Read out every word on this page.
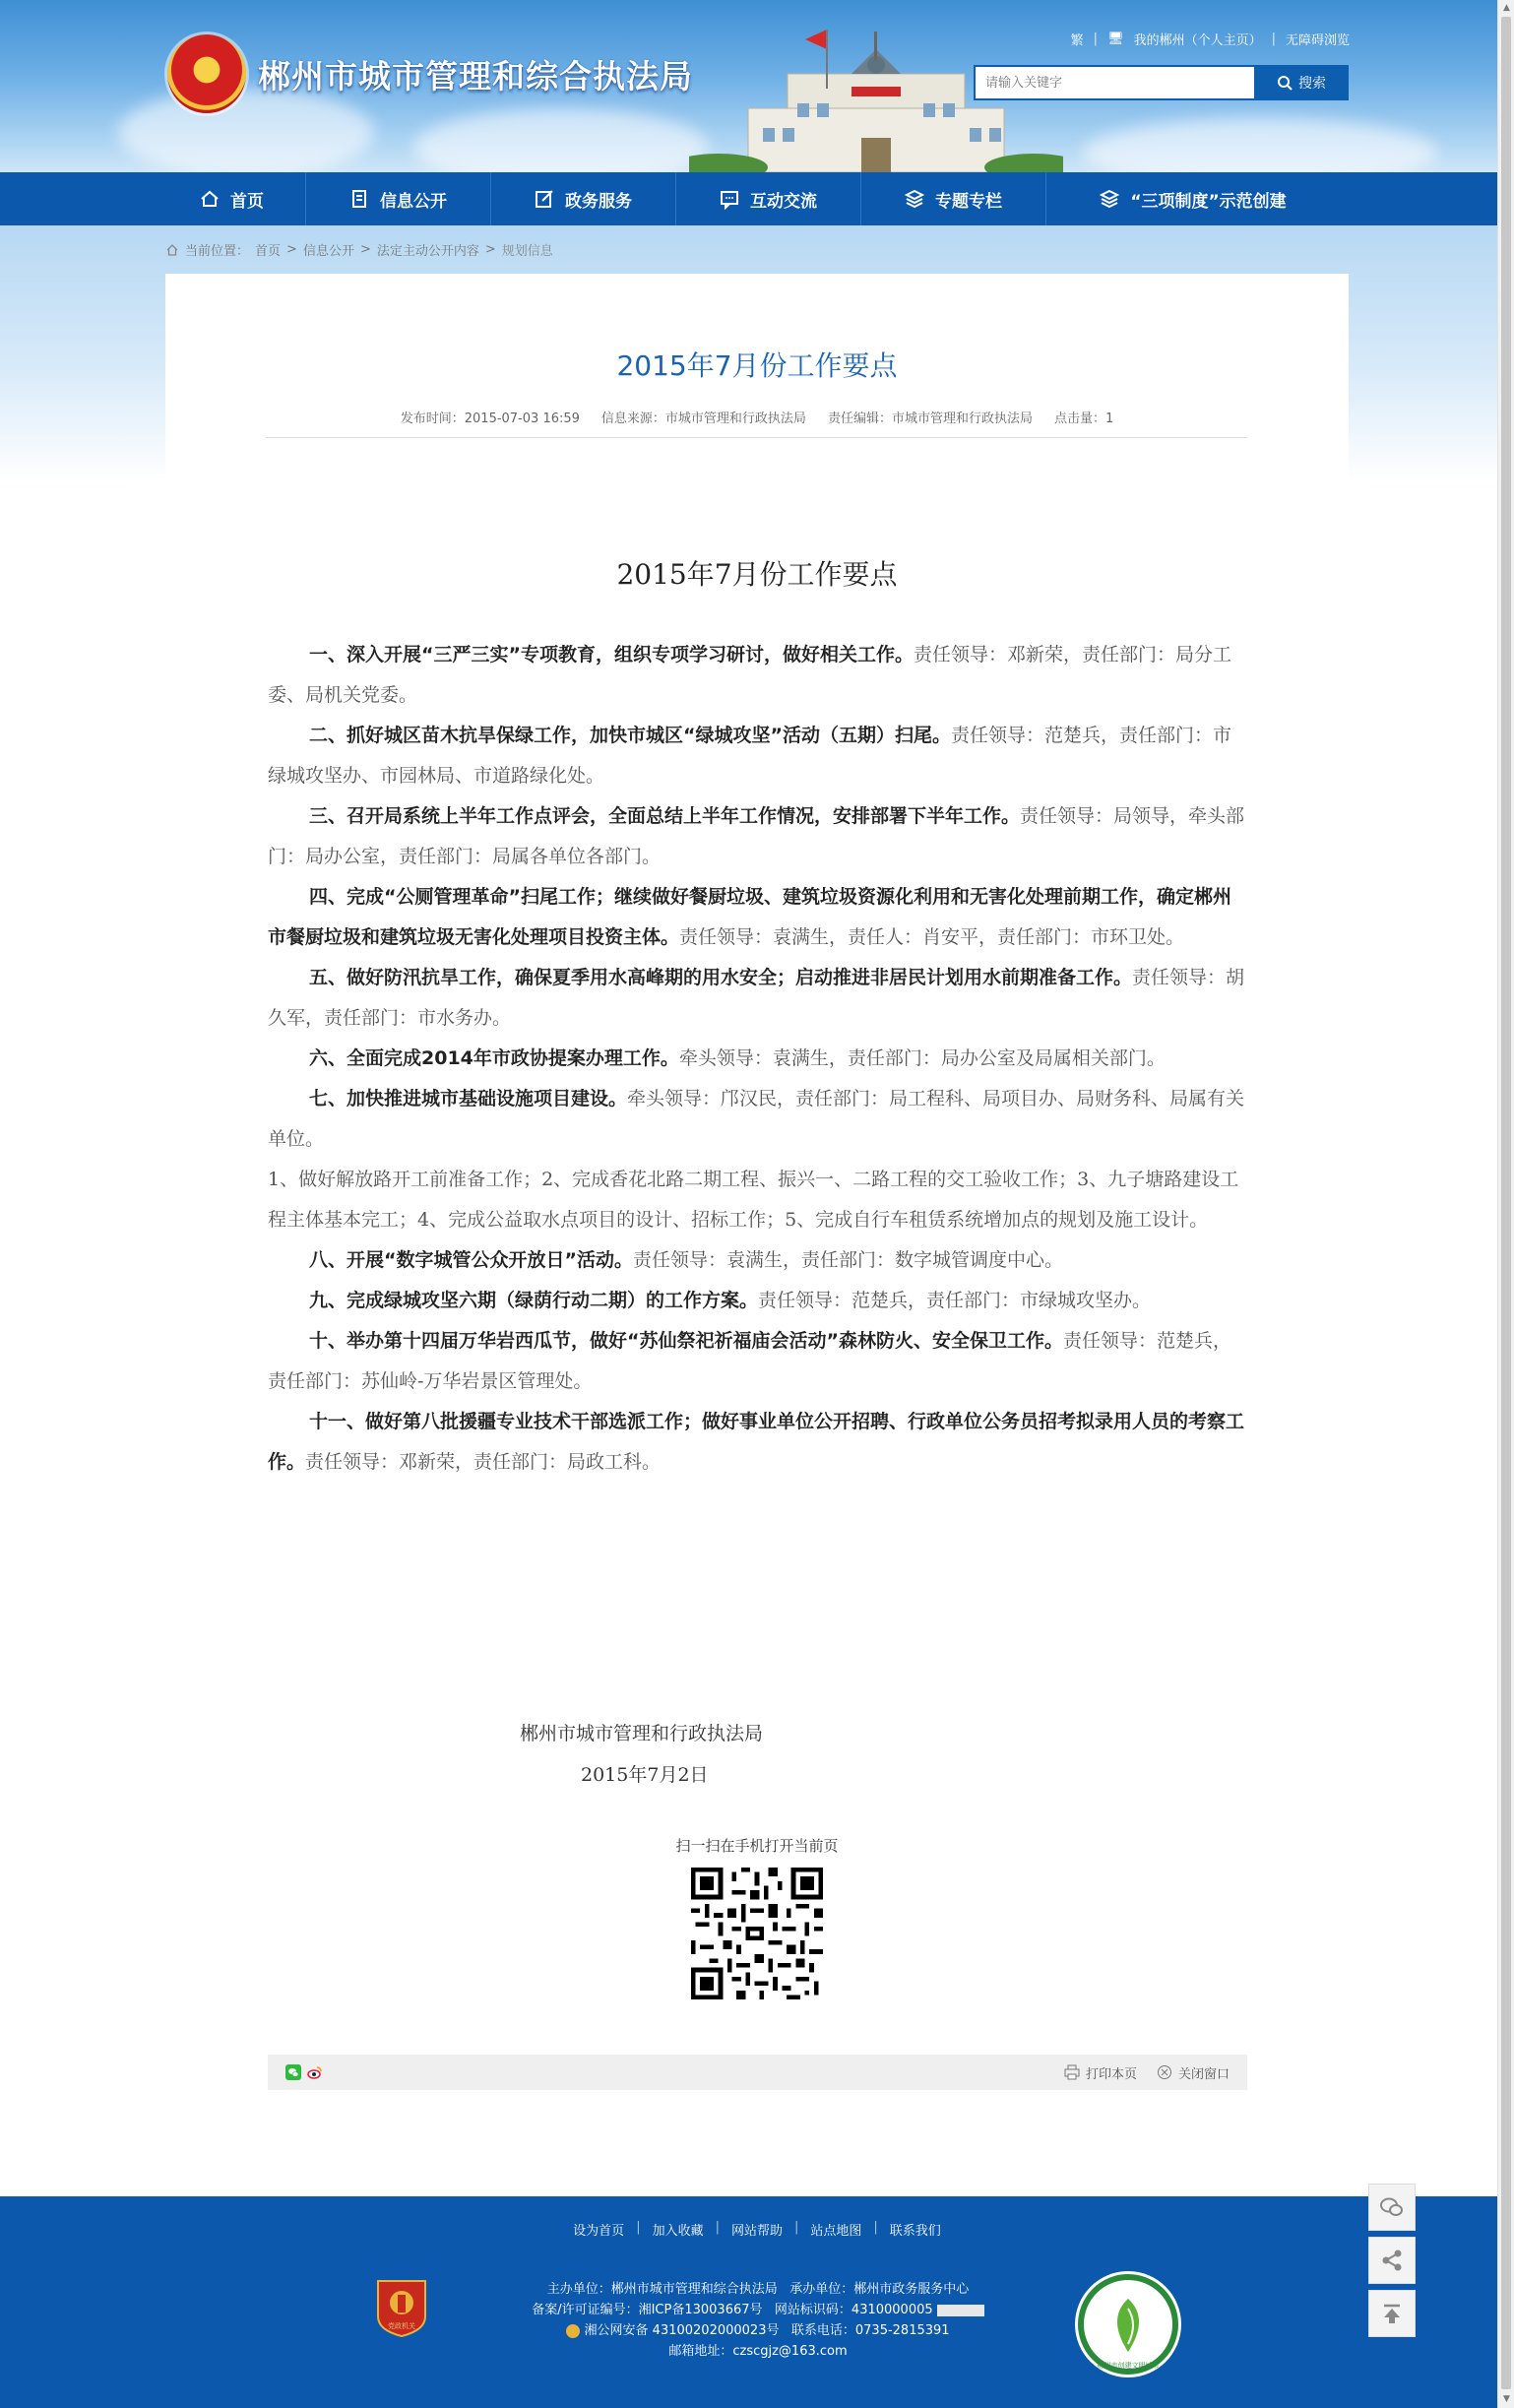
郴州市城市管理和综合执法局
繁 | 🖥 我的郴州（个人主页） | 无障碍浏览
请输入关键字
搜索
首页	信息公开	政务服务	互动交流	专题专栏	“三项制度”示范创建
当前位置： 首页 > 信息公开 > 法定主动公开内容 > 规划信息
2015年7月份工作要点
发布时间：2015-07-03 16:59 信息来源：市城市管理和行政执法局 责任编辑：市城市管理和行政执法局 点击量：1
2015年7月份工作要点

一、深入开展“三严三实”专项教育，组织专项学习研讨，做好相关工作。责任领导：邓新荣，责任部门：局分工委、局机关党委。

二、抓好城区苗木抗旱保绿工作，加快市城区“绿城攻坚”活动（五期）扫尾。责任领导：范楚兵，责任部门：市绿城攻坚办、市园林局、市道路绿化处。

三、召开局系统上半年工作点评会，全面总结上半年工作情况，安排部署下半年工作。责任领导：局领导，牵头部门：局办公室，责任部门：局属各单位各部门。

四、完成“公厕管理革命”扫尾工作；继续做好餐厨垃圾、建筑垃圾资源化利用和无害化处理前期工作，确定郴州市餐厨垃圾和建筑垃圾无害化处理项目投资主体。责任领导：袁满生，责任人：肖安平，责任部门：市环卫处。

五、做好防汛抗旱工作，确保夏季用水高峰期的用水安全；启动推进非居民计划用水前期准备工作。责任领导：胡久军，责任部门：市水务办。

六、全面完成2014年市政协提案办理工作。牵头领导：袁满生，责任部门：局办公室及局属相关部门。

七、加快推进城市基础设施项目建设。牵头领导：邝汉民，责任部门：局工程科、局项目办、局财务科、局属有关单位。

1、做好解放路开工前准备工作；2、完成香花北路二期工程、振兴一、二路工程的交工验收工作；3、九子塘路建设工程主体基本完工；4、完成公益取水点项目的设计、招标工作；5、完成自行车租赁系统增加点的规划及施工设计。

八、开展“数字城管公众开放日”活动。责任领导：袁满生，责任部门：数字城管调度中心。

九、完成绿城攻坚六期（绿荫行动二期）的工作方案。责任领导：范楚兵，责任部门：市绿城攻坚办。

十、举办第十四届万华岩西瓜节，做好“苏仙祭祀祈福庙会活动”森林防火、安全保卫工作。责任领导：范楚兵，责任部门：苏仙岭-万华岩景区管理处。

十一、做好第八批援疆专业技术干部选派工作；做好事业单位公开招聘、行政单位公务员招考拟录用人员的考察工作。责任领导：邓新荣，责任部门：局政工科。

郴州市城市管理和行政执法局
2015年7月2日
扫一扫在手机打开当前页
打印本页	关闭窗口
设为首页 | 加入收藏 | 网站帮助 | 站点地图 | 联系我们
党政机关
主办单位：郴州市城市管理和综合执法局 承办单位：郴州市政务服务中心
备案/许可证编号：湘ICP备13003667号 网站标识码：4310000005
湘公网安备 43100202000023号 联系电话：0735-2815391
邮箱地址：czscgjz@163.com
郴州市创建文明城市
▲
▼
